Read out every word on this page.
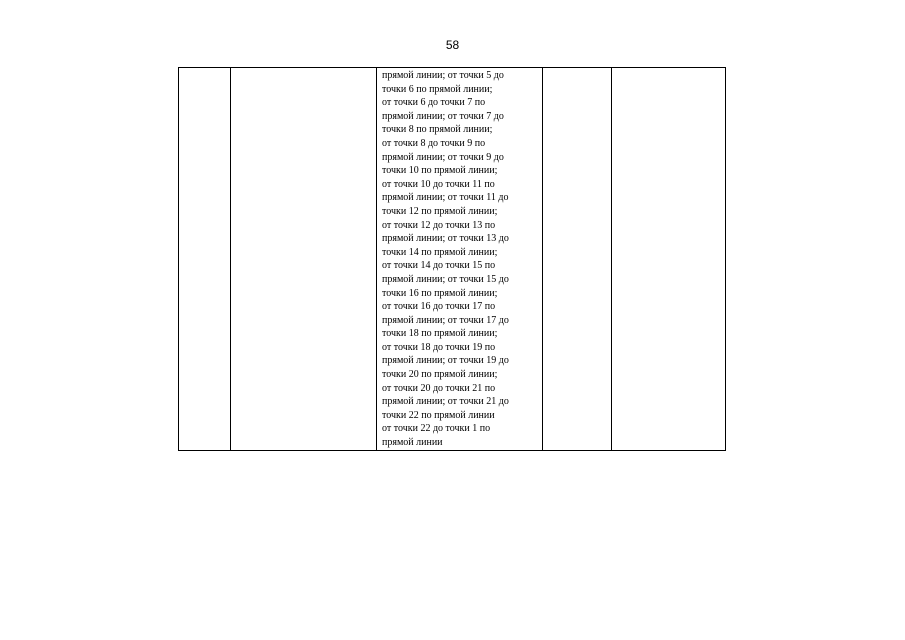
58

прямой линии; от точки 5 до
точки 6 по прямой линии;
от точки 6 до точки 7 по
прямой линии; от точки 7 до
точки 8 по прямой линии;
от точки 8 до точки 9 по
прямой линии; от точки 9 до
точки 10 по прямой линии;
от точки 10 до точки 11 по
прямой линии; от точки 11 до
точки 12 по прямой линии;
от точки 12 до точки 13 по
прямой линии; от точки 13 до
точки 14 по прямой линии;
от точки 14 до точки 15 по
прямой линии; от точки 15 до
точки 16 по прямой линии;
от точки 16 до точки 17 по
прямой линии; от точки 17 до
точки 18 по прямой линии;
от точки 18 до точки 19 по
прямой линии; от точки 19 до
точки 20 по прямой линии;
от точки 20 до точки 21 по
прямой линии; от точки 21 до
точки 22 по прямой линии
от точки 22 до точки 1 по
прямой линии
